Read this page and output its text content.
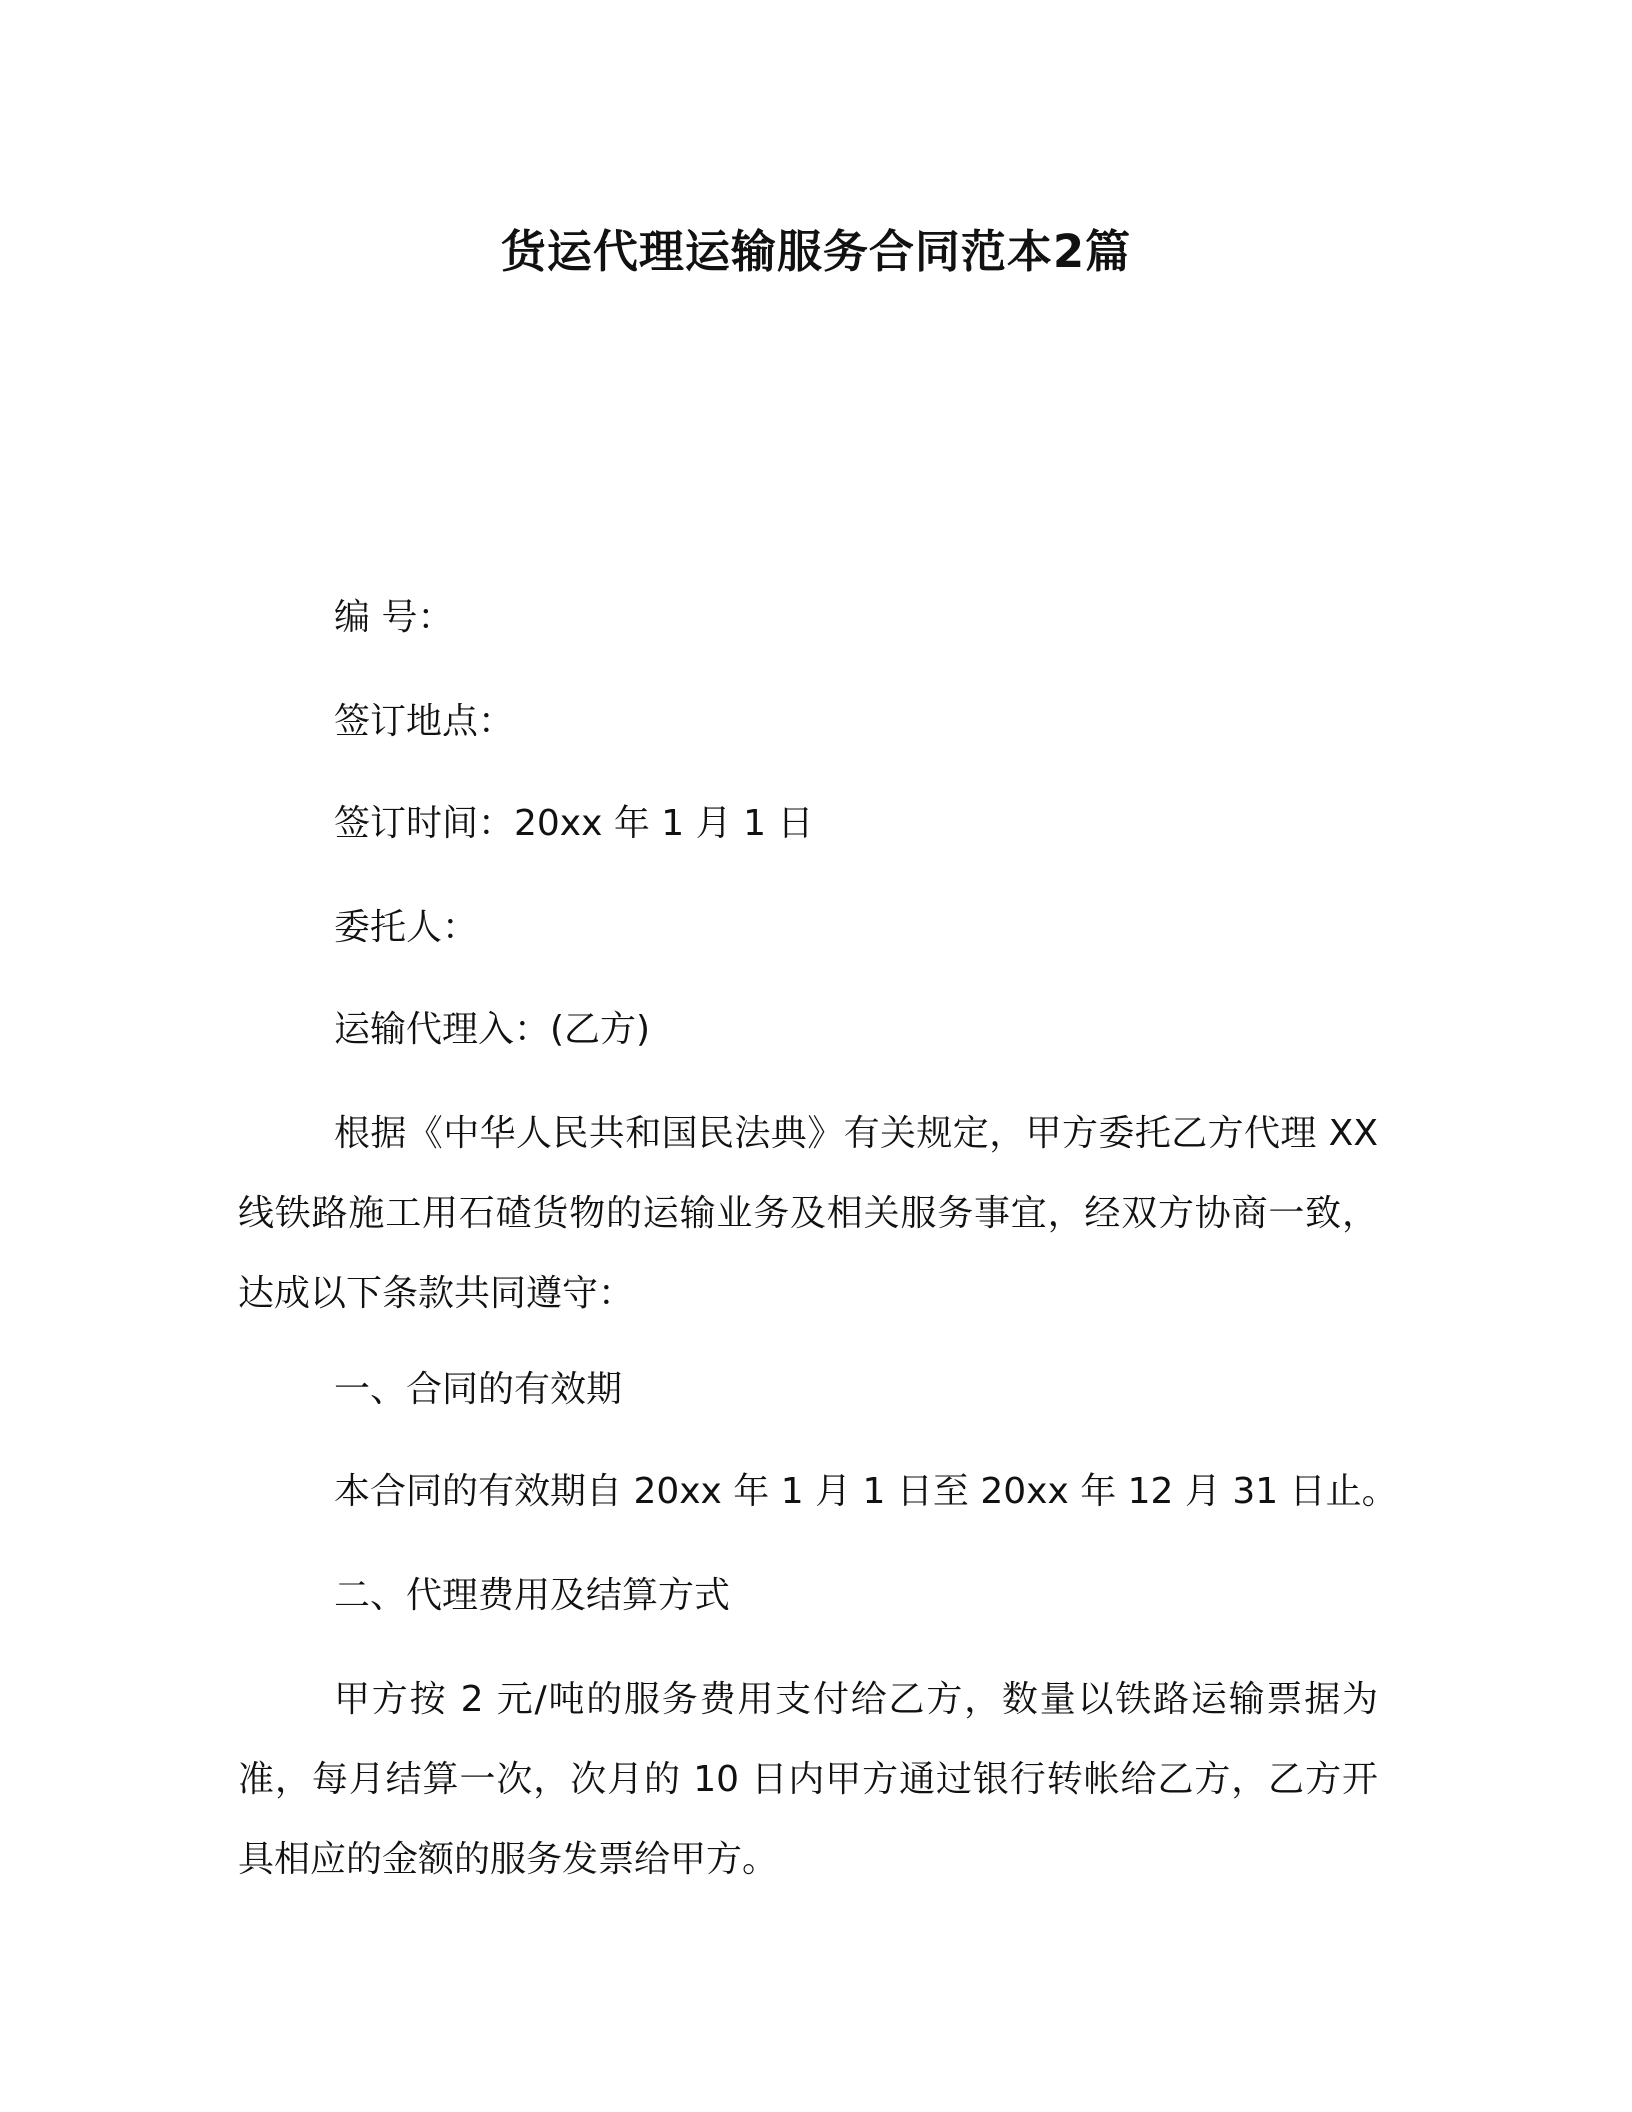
货运代理运输服务合同范本2篇
编 号：
签订地点：
签订时间：20xx 年 1 月 1 日
委托人：
运输代理入：(乙方)
根据《中华人民共和国民法典》有关规定，甲方委托乙方代理 XX 线铁路施工用石碴货物的运输业务及相关服务事宜，经双方协商一致，达成以下条款共同遵守：
一、合同的有效期
本合同的有效期自 20xx 年 1 月 1 日至 20xx 年 12 月 31 日止。
二、代理费用及结算方式
甲方按 2 元/吨的服务费用支付给乙方，数量以铁路运输票据为准，每月结算一次，次月的 10 日内甲方通过银行转帐给乙方，乙方开具相应的金额的服务发票给甲方。
